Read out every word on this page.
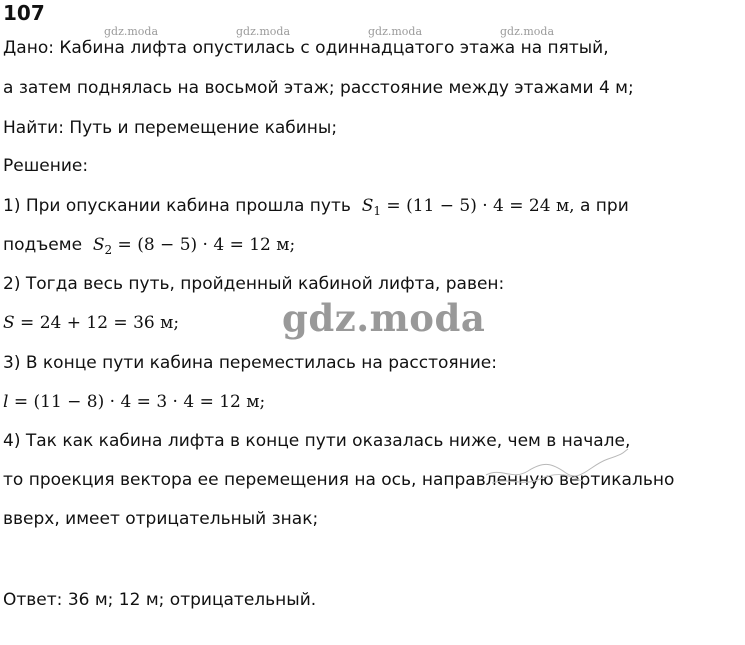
107
gdz.moda	gdz.moda	gdz.moda	gdz.moda
Дано: Кабина лифта опустилась с одиннадцатого этажа на пятый,
а затем поднялась на восьмой этаж; расстояние между этажами 4 м;
Найти: Путь и перемещение кабины;
Решение:
1) При опускании кабина прошла путь $S_1 = (11 - 5) \cdot 4 = 24$ м, а при
подъеме $S_2 = (8 - 5) \cdot 4 = 12$ м;
2) Тогда весь путь, пройденный кабиной лифта, равен:
S = 24 + 12 = 36 м;
3) В конце пути кабина переместилась на расстояние:
l = (11 − 8) · 4 = 3 · 4 = 12 м;
4) Так как кабина лифта в конце пути оказалась ниже, чем в начале,
то проекция вектора ее перемещения на ось, направленную вертикально
вверх, имеет отрицательный знак;
Ответ: 36 м; 12 м; отрицательный.
gdz.moda
